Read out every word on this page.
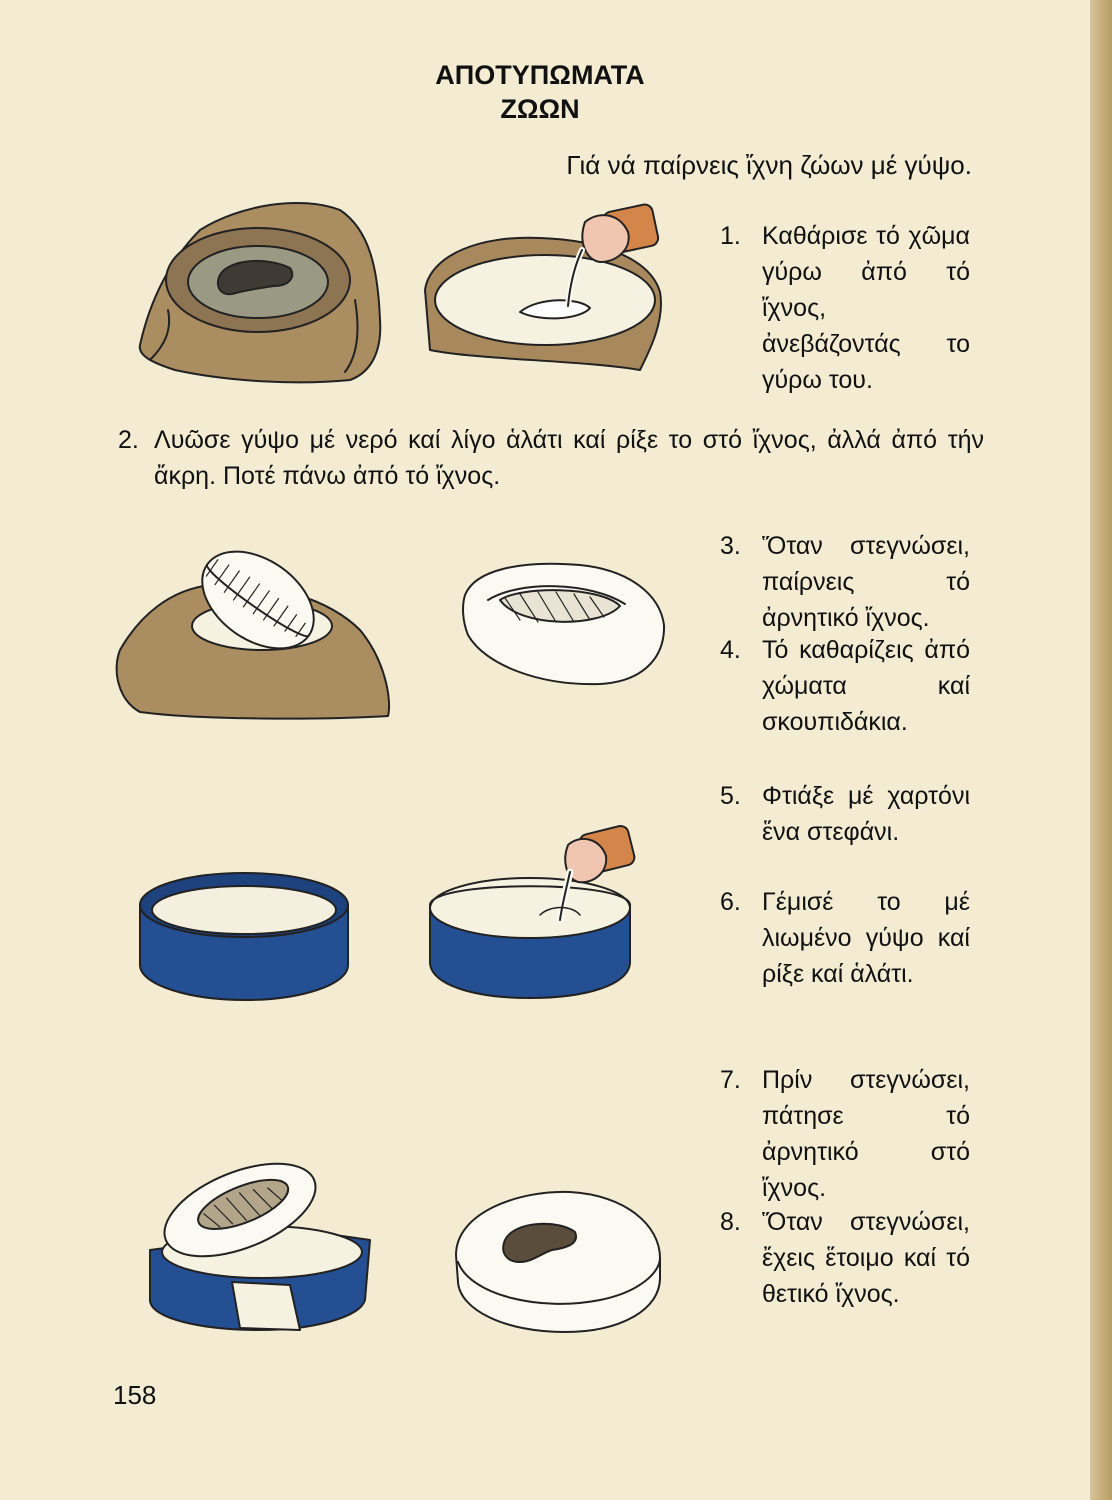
ΑΠΟΤΥΠΩΜΑΤΑ
ΖΩΩΝ
Γιά νά παίρνεις ἴχνη ζώων μέ γύψο.
1. Καθάρισε τό χῶμα γύρω ἀπό τό ἴχνος, ἀνεβάζοντάς το γύρω του.
2. Λυῶσε γύψο μέ νερό καί λίγο ἁλάτι καί ρίξε το στό ἴχνος, ἀλλά ἀπό τήν ἄκρη. Ποτέ πάνω ἀπό τό ἴχνος.
3. Ὅταν στεγνώσει, παίρνεις τό ἀρνητικό ἴχνος.
4. Τό καθαρίζεις ἀπό χώματα καί σκουπιδάκια.
5. Φτιάξε μέ χαρτόνι ἕνα στεφάνι.
6. Γέμισέ το μέ λιωμένο γύψο καί ρίξε καί ἁλάτι.
7. Πρίν στεγνώσει, πάτησε τό ἀρνητικό στό ἴχνος.
8. Ὅταν στεγνώσει, ἔχεις ἕτοιμο καί τό θετικό ἴχνος.
158
